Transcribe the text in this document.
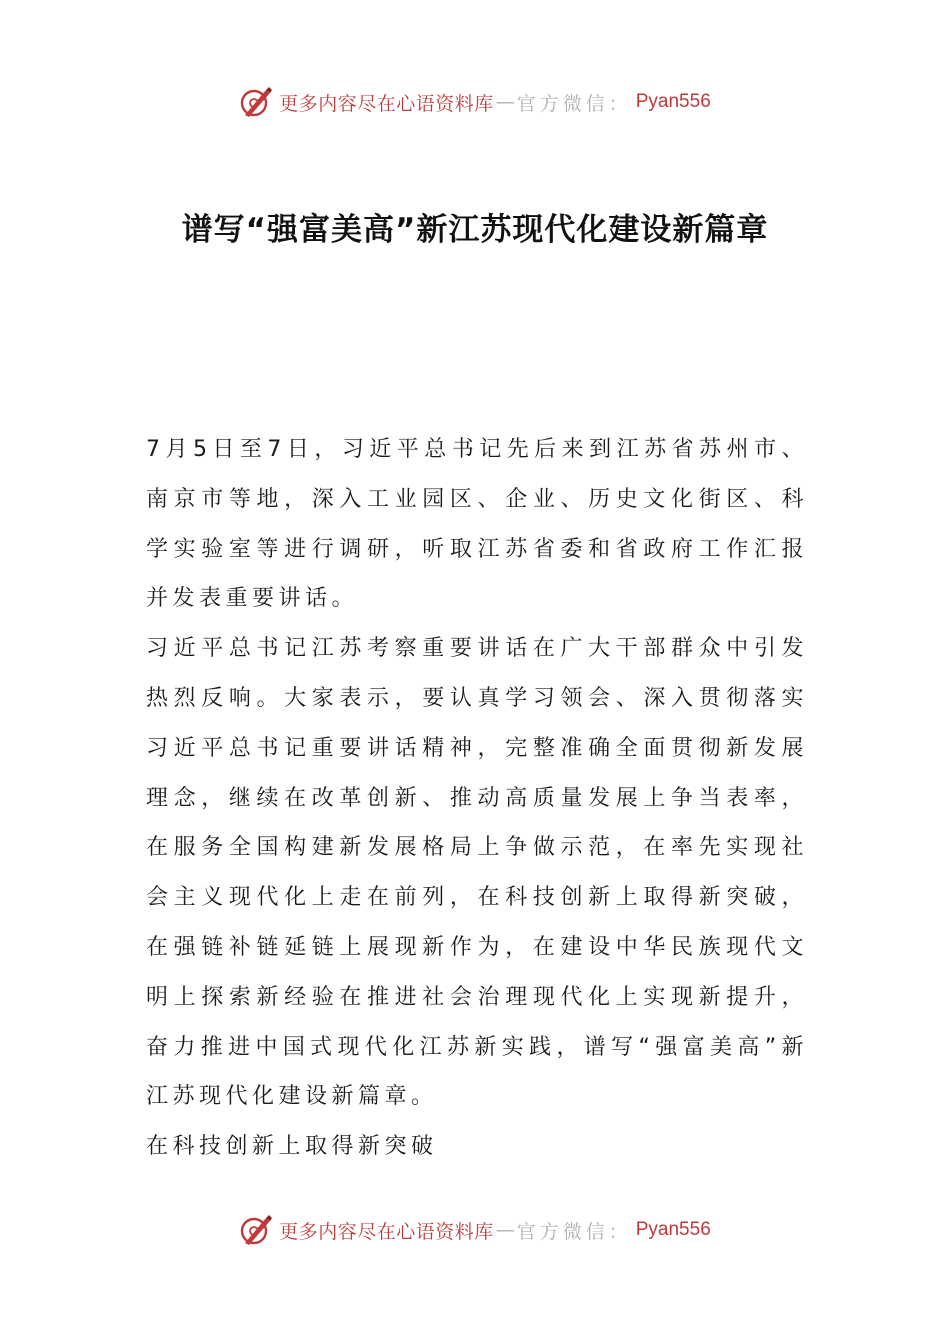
更多内容尽在心语资料库 — 官方微信： Pyan556
谱写“强富美高”新江苏现代化建设新篇章

7月5日至7日，习近平总书记先后来到江苏省苏州市、南京市等地，深入工业园区、企业、历史文化街区、科学实验室等进行调研，听取江苏省委和省政府工作汇报并发表重要讲话。

习近平总书记江苏考察重要讲话在广大干部群众中引发热烈反响。大家表示，要认真学习领会、深入贯彻落实习近平总书记重要讲话精神，完整准确全面贯彻新发展理念，继续在改革创新、推动高质量发展上争当表率，在服务全国构建新发展格局上争做示范，在率先实现社会主义现代化上走在前列，在科技创新上取得新突破，在强链补链延链上展现新作为，在建设中华民族现代文明上探索新经验在推进社会治理现代化上实现新提升，奋力推进中国式现代化江苏新实践，谱写“强富美高”新江苏现代化建设新篇章。

在科技创新上取得新突破

更多内容尽在心语资料库 — 官方微信： Pyan556
